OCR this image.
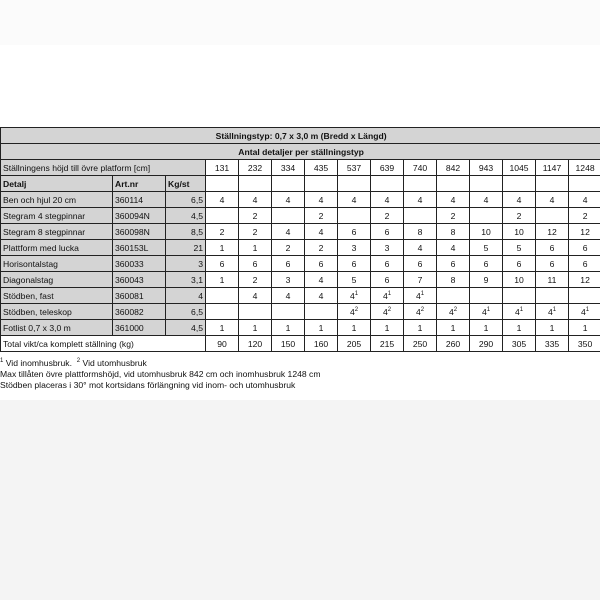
Ställningstyp: 0,7 x 3,0 m (Bredd x Längd)														
Antal detaljer per ställningstyp														
Ställningens höjd till övre platform [cm]			131	232	334	435	537	639	740	842	943	1045	1147	1248
Detalj	Art.nr	Kg/st												
Ben och hjul 20 cm	360114	6,5	4	4	4	4	4	4	4	4	4	4	4	4
Stegram 4 stegpinnar	360094N	4,5		2		2		2		2		2		2
Stegram 8 stegpinnar	360098N	8,5	2	2	4	4	6	6	8	8	10	10	12	12
Plattform med lucka	360153L	21	1	1	2	2	3	3	4	4	5	5	6	6
Horisontalstag	360033	3	6	6	6	6	6	6	6	6	6	6	6	6
Diagonalstag	360043	3,1	1	2	3	4	5	6	7	8	9	10	11	12
Stödben, fast	360081	4		4	4	4	$4^1$	$4^1$	$4^1$					
Stödben, teleskop	360082	6,5					$4^2$	$4^2$	$4^2$	$4^2$	$4^1$	$4^1$	$4^1$	$4^1$
Fotlist 0,7 x 3,0 m	361000	4,5	1	1	1	1	1	1	1	1	1	1	1	1
Total vikt/ca komplett ställning (kg)			90	120	150	160	205	215	250	260	290	305	335	350
$^1$ Vid inomhusbruk. $^2$ Vid utomhusbruk
Max tillåten övre plattformshöjd, vid utomhusbruk 842 cm och inomhusbruk 1248 cm
Stödben placeras i 30° mot kortsidans förlängning vid inom- och utomhusbruk
